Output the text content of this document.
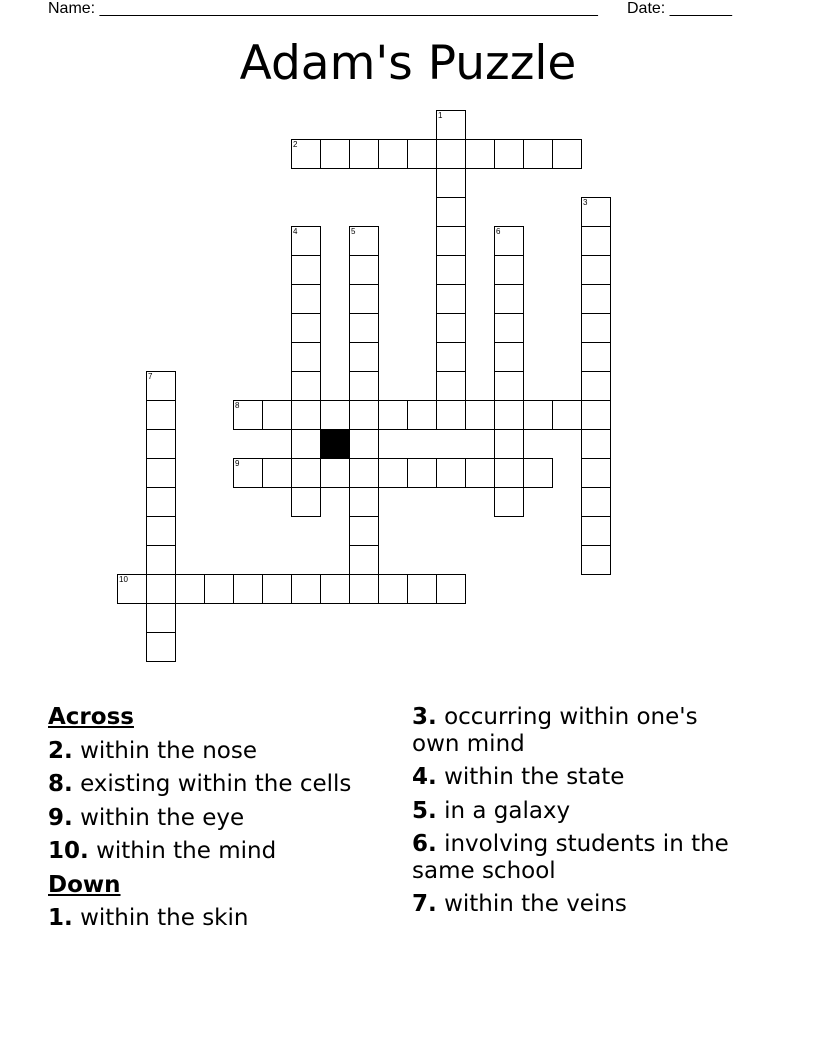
Name: ________________________________________________________ Date: _______
Adam's Puzzle
1
2
3
4	5	6
7
8
9
10
Across
2. within the nose
8. existing within the cells
9. within the eye
10. within the mind
Down
1. within the skin
3. occurring within one's own mind
4. within the state
5. in a galaxy
6. involving students in the same school
7. within the veins
